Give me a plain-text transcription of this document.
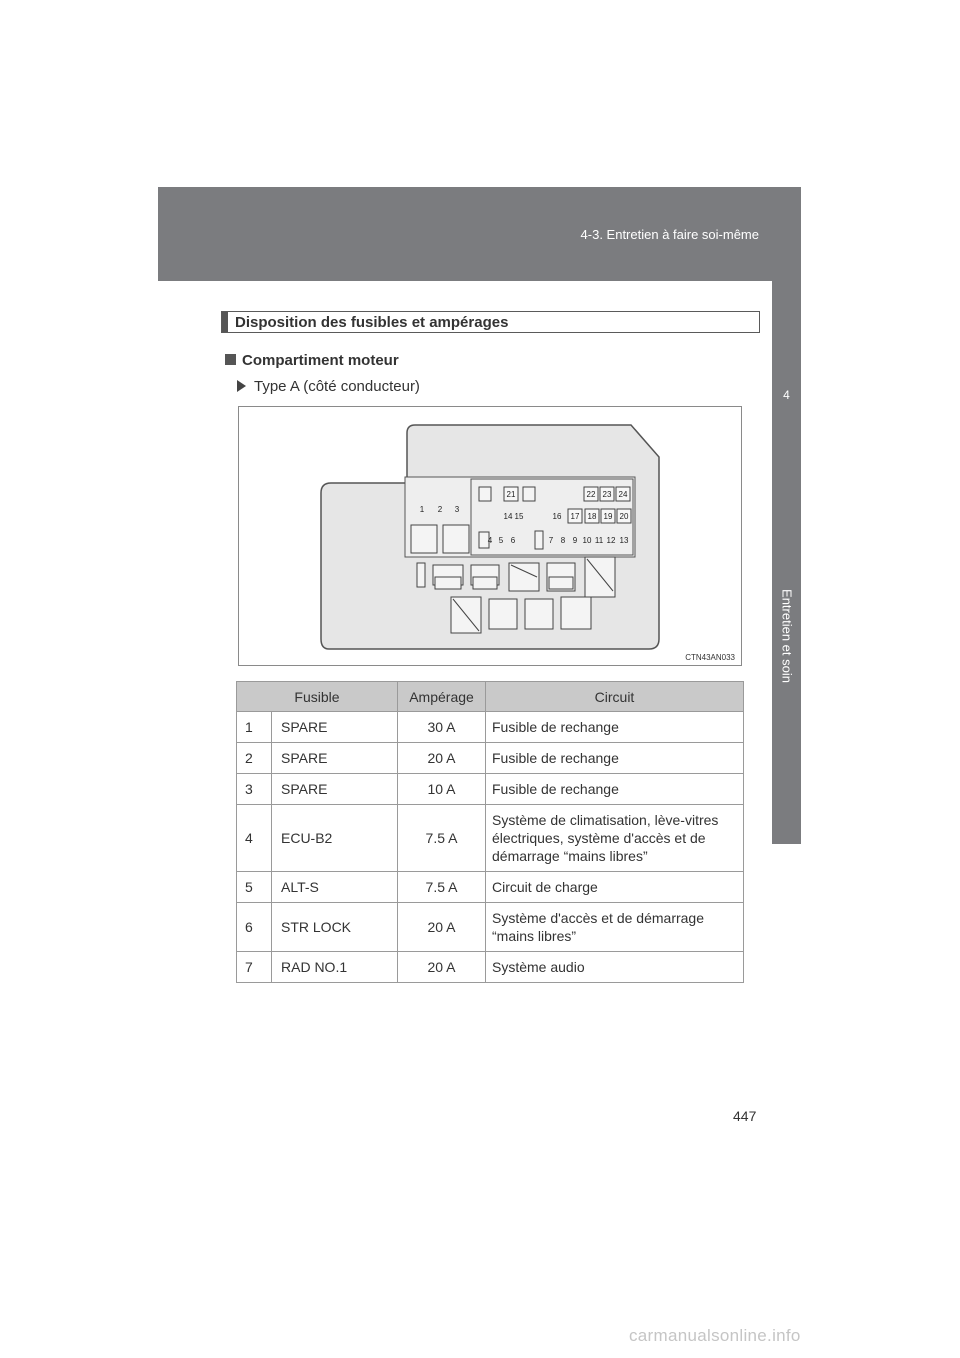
4-3. Entretien à faire soi-même
4
Entretien et soin
Disposition des fusibles et ampérages
Compartiment moteur
Type A (côté conducteur)
1 2 3
4 5 6	7 8 9 10 11 12 13
14 15	16 17 18 19 20
21	22 23 24
CTN43AN033
Fusible		Ampérage	Circuit
1	SPARE	30 A	Fusible de rechange
2	SPARE	20 A	Fusible de rechange
3	SPARE	10 A	Fusible de rechange
4	ECU-B2	7.5 A	Système de climatisation, lève-vitres électriques, système d'accès et de démarrage “mains libres”
5	ALT-S	7.5 A	Circuit de charge
6	STR LOCK	20 A	Système d'accès et de démarrage “mains libres”
7	RAD NO.1	20 A	Système audio
447
carmanualsonline.info
